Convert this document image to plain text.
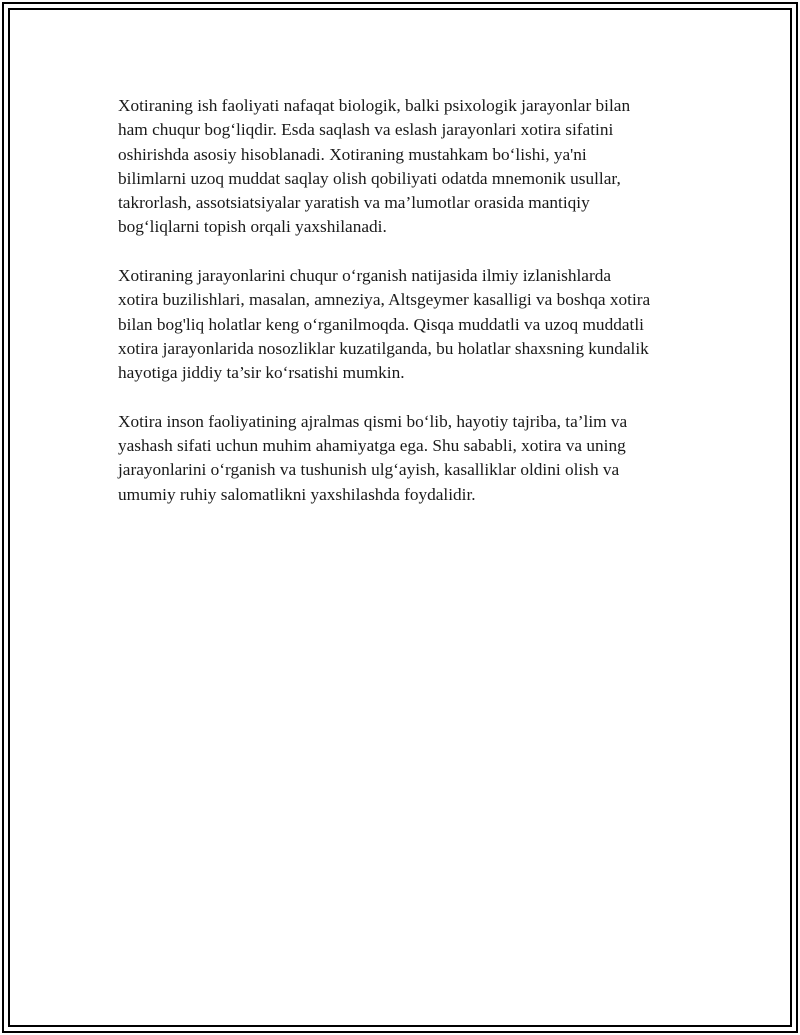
Xotiraning ish faoliyati nafaqat biologik, balki psixologik jarayonlar bilan
ham chuqur bog‘liqdir. Esda saqlash va eslash jarayonlari xotira sifatini
oshirishda asosiy hisoblanadi. Xotiraning mustahkam bo‘lishi, ya'ni
bilimlarni uzoq muddat saqlay olish qobiliyati odatda mnemonik usullar,
takrorlash, assotsiatsiyalar yaratish va ma’lumotlar orasida mantiqiy
bog‘liqlarni topish orqali yaxshilanadi.

Xotiraning jarayonlarini chuqur o‘rganish natijasida ilmiy izlanishlarda
xotira buzilishlari, masalan, amneziya, Altsgeymer kasalligi va boshqa xotira
bilan bog'liq holatlar keng o‘rganilmoqda. Qisqa muddatli va uzoq muddatli
xotira jarayonlarida nosozliklar kuzatilganda, bu holatlar shaxsning kundalik
hayotiga jiddiy ta’sir ko‘rsatishi mumkin.

Xotira inson faoliyatining ajralmas qismi bo‘lib, hayotiy tajriba, ta’lim va
yashash sifati uchun muhim ahamiyatga ega. Shu sababli, xotira va uning
jarayonlarini o‘rganish va tushunish ulg‘ayish, kasalliklar oldini olish va
umumiy ruhiy salomatlikni yaxshilashda foydalidir.
